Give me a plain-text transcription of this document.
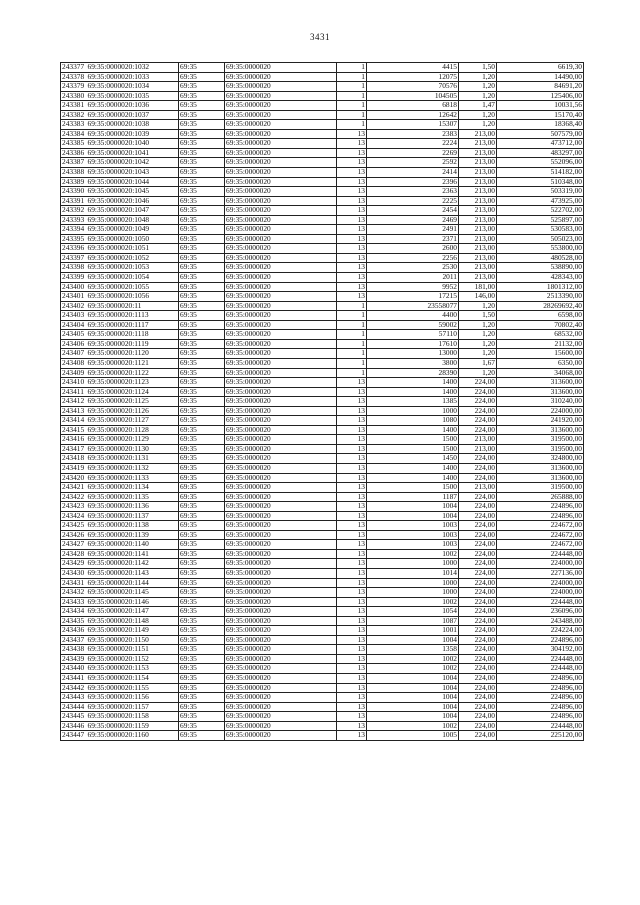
3431
243377	69:35:0000020:1032	69:35	69:35:0000020	1	4415	1,50	6619,30
243378	69:35:0000020:1033	69:35	69:35:0000020	1	12075	1,20	14490,00
243379	69:35:0000020:1034	69:35	69:35:0000020	1	70576	1,20	84691,20
243380	69:35:0000020:1035	69:35	69:35:0000020	1	104505	1,20	125406,00
243381	69:35:0000020:1036	69:35	69:35:0000020	1	6818	1,47	10031,56
243382	69:35:0000020:1037	69:35	69:35:0000020	1	12642	1,20	15170,40
243383	69:35:0000020:1038	69:35	69:35:0000020	1	15307	1,20	18368,40
243384	69:35:0000020:1039	69:35	69:35:0000020	13	2383	213,00	507579,00
243385	69:35:0000020:1040	69:35	69:35:0000020	13	2224	213,00	473712,00
243386	69:35:0000020:1041	69:35	69:35:0000020	13	2269	213,00	483297,00
243387	69:35:0000020:1042	69:35	69:35:0000020	13	2592	213,00	552096,00
243388	69:35:0000020:1043	69:35	69:35:0000020	13	2414	213,00	514182,00
243389	69:35:0000020:1044	69:35	69:35:0000020	13	2396	213,00	510348,00
243390	69:35:0000020:1045	69:35	69:35:0000020	13	2363	213,00	503319,00
243391	69:35:0000020:1046	69:35	69:35:0000020	13	2225	213,00	473925,00
243392	69:35:0000020:1047	69:35	69:35:0000020	13	2454	213,00	522702,00
243393	69:35:0000020:1048	69:35	69:35:0000020	13	2469	213,00	525897,00
243394	69:35:0000020:1049	69:35	69:35:0000020	13	2491	213,00	530583,00
243395	69:35:0000020:1050	69:35	69:35:0000020	13	2371	213,00	505023,00
243396	69:35:0000020:1051	69:35	69:35:0000020	13	2600	213,00	553800,00
243397	69:35:0000020:1052	69:35	69:35:0000020	13	2256	213,00	480528,00
243398	69:35:0000020:1053	69:35	69:35:0000020	13	2530	213,00	538890,00
243399	69:35:0000020:1054	69:35	69:35:0000020	13	2011	213,00	428343,00
243400	69:35:0000020:1055	69:35	69:35:0000020	13	9952	181,00	1801312,00
243401	69:35:0000020:1056	69:35	69:35:0000020	13	17215	146,00	2513390,00
243402	69:35:0000020:11	69:35	69:35:0000020	1	23558077	1,20	28269692,40
243403	69:35:0000020:1113	69:35	69:35:0000020	1	4400	1,50	6598,00
243404	69:35:0000020:1117	69:35	69:35:0000020	1	59002	1,20	70802,40
243405	69:35:0000020:1118	69:35	69:35:0000020	1	57110	1,20	68532,00
243406	69:35:0000020:1119	69:35	69:35:0000020	1	17610	1,20	21132,00
243407	69:35:0000020:1120	69:35	69:35:0000020	1	13000	1,20	15600,00
243408	69:35:0000020:1121	69:35	69:35:0000020	1	3800	1,67	6350,00
243409	69:35:0000020:1122	69:35	69:35:0000020	1	28390	1,20	34068,00
243410	69:35:0000020:1123	69:35	69:35:0000020	13	1400	224,00	313600,00
243411	69:35:0000020:1124	69:35	69:35:0000020	13	1400	224,00	313600,00
243412	69:35:0000020:1125	69:35	69:35:0000020	13	1385	224,00	310240,00
243413	69:35:0000020:1126	69:35	69:35:0000020	13	1000	224,00	224000,00
243414	69:35:0000020:1127	69:35	69:35:0000020	13	1080	224,00	241920,00
243415	69:35:0000020:1128	69:35	69:35:0000020	13	1400	224,00	313600,00
243416	69:35:0000020:1129	69:35	69:35:0000020	13	1500	213,00	319500,00
243417	69:35:0000020:1130	69:35	69:35:0000020	13	1500	213,00	319500,00
243418	69:35:0000020:1131	69:35	69:35:0000020	13	1450	224,00	324800,00
243419	69:35:0000020:1132	69:35	69:35:0000020	13	1400	224,00	313600,00
243420	69:35:0000020:1133	69:35	69:35:0000020	13	1400	224,00	313600,00
243421	69:35:0000020:1134	69:35	69:35:0000020	13	1500	213,00	319500,00
243422	69:35:0000020:1135	69:35	69:35:0000020	13	1187	224,00	265888,00
243423	69:35:0000020:1136	69:35	69:35:0000020	13	1004	224,00	224896,00
243424	69:35:0000020:1137	69:35	69:35:0000020	13	1004	224,00	224896,00
243425	69:35:0000020:1138	69:35	69:35:0000020	13	1003	224,00	224672,00
243426	69:35:0000020:1139	69:35	69:35:0000020	13	1003	224,00	224672,00
243427	69:35:0000020:1140	69:35	69:35:0000020	13	1003	224,00	224672,00
243428	69:35:0000020:1141	69:35	69:35:0000020	13	1002	224,00	224448,00
243429	69:35:0000020:1142	69:35	69:35:0000020	13	1000	224,00	224000,00
243430	69:35:0000020:1143	69:35	69:35:0000020	13	1014	224,00	227136,00
243431	69:35:0000020:1144	69:35	69:35:0000020	13	1000	224,00	224000,00
243432	69:35:0000020:1145	69:35	69:35:0000020	13	1000	224,00	224000,00
243433	69:35:0000020:1146	69:35	69:35:0000020	13	1002	224,00	224448,00
243434	69:35:0000020:1147	69:35	69:35:0000020	13	1054	224,00	236096,00
243435	69:35:0000020:1148	69:35	69:35:0000020	13	1087	224,00	243488,00
243436	69:35:0000020:1149	69:35	69:35:0000020	13	1001	224,00	224224,00
243437	69:35:0000020:1150	69:35	69:35:0000020	13	1004	224,00	224896,00
243438	69:35:0000020:1151	69:35	69:35:0000020	13	1358	224,00	304192,00
243439	69:35:0000020:1152	69:35	69:35:0000020	13	1002	224,00	224448,00
243440	69:35:0000020:1153	69:35	69:35:0000020	13	1002	224,00	224448,00
243441	69:35:0000020:1154	69:35	69:35:0000020	13	1004	224,00	224896,00
243442	69:35:0000020:1155	69:35	69:35:0000020	13	1004	224,00	224896,00
243443	69:35:0000020:1156	69:35	69:35:0000020	13	1004	224,00	224896,00
243444	69:35:0000020:1157	69:35	69:35:0000020	13	1004	224,00	224896,00
243445	69:35:0000020:1158	69:35	69:35:0000020	13	1004	224,00	224896,00
243446	69:35:0000020:1159	69:35	69:35:0000020	13	1002	224,00	224448,00
243447	69:35:0000020:1160	69:35	69:35:0000020	13	1005	224,00	225120,00
